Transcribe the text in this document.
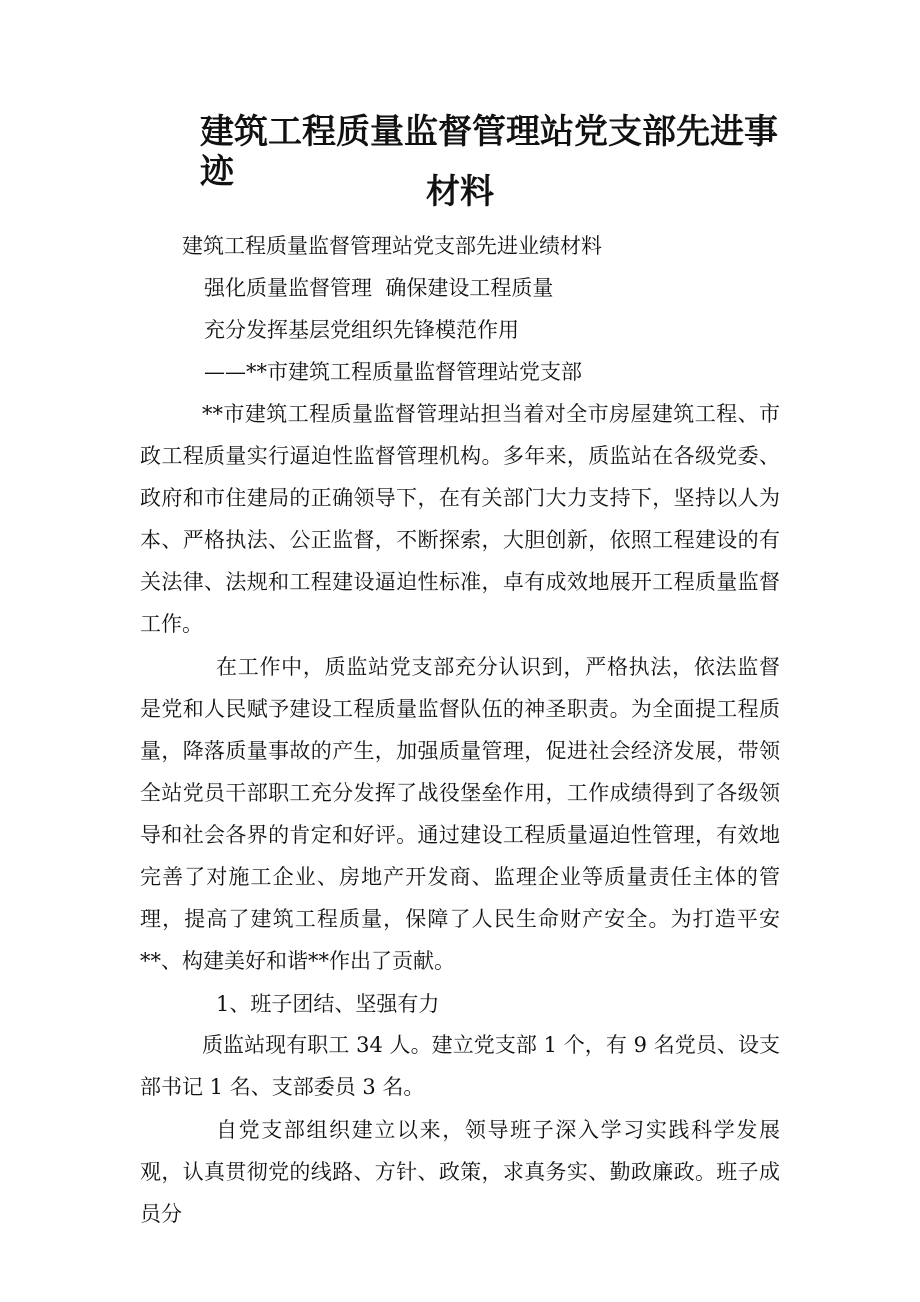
建筑工程质量监督管理站党支部先进事迹	材料

建筑工程质量监督管理站党支部先进业绩材料

强化质量监督管理  确保建设工程质量

充分发挥基层党组织先锋模范作用

——**市建筑工程质量监督管理站党支部

**市建筑工程质量监督管理站担当着对全市房屋建筑工程、市政工程质量实行逼迫性监督管理机构。多年来，质监站在各级党委、政府和市住建局的正确领导下，在有关部门大力支持下，坚持以人为本、严格执法、公正监督，不断探索，大胆创新，依照工程建设的有关法律、法规和工程建设逼迫性标准，卓有成效地展开工程质量监督工作。

在工作中，质监站党支部充分认识到，严格执法，依法监督是党和人民赋予建设工程质量监督队伍的神圣职责。为全面提工程质量，降落质量事故的产生，加强质量管理，促进社会经济发展，带领全站党员干部职工充分发挥了战役堡垒作用，工作成绩得到了各级领导和社会各界的肯定和好评。通过建设工程质量逼迫性管理，有效地完善了对施工企业、房地产开发商、监理企业等质量责任主体的管理，提高了建筑工程质量，保障了人民生命财产安全。为打造平安**、构建美好和谐**作出了贡献。

1、班子团结、坚强有力

质监站现有职工 34 人。建立党支部 1 个，有 9 名党员、设支部书记 1 名、支部委员 3 名。

自党支部组织建立以来，领导班子深入学习实践科学发展观，认真贯彻党的线路、方针、政策，求真务实、勤政廉政。班子成员分
